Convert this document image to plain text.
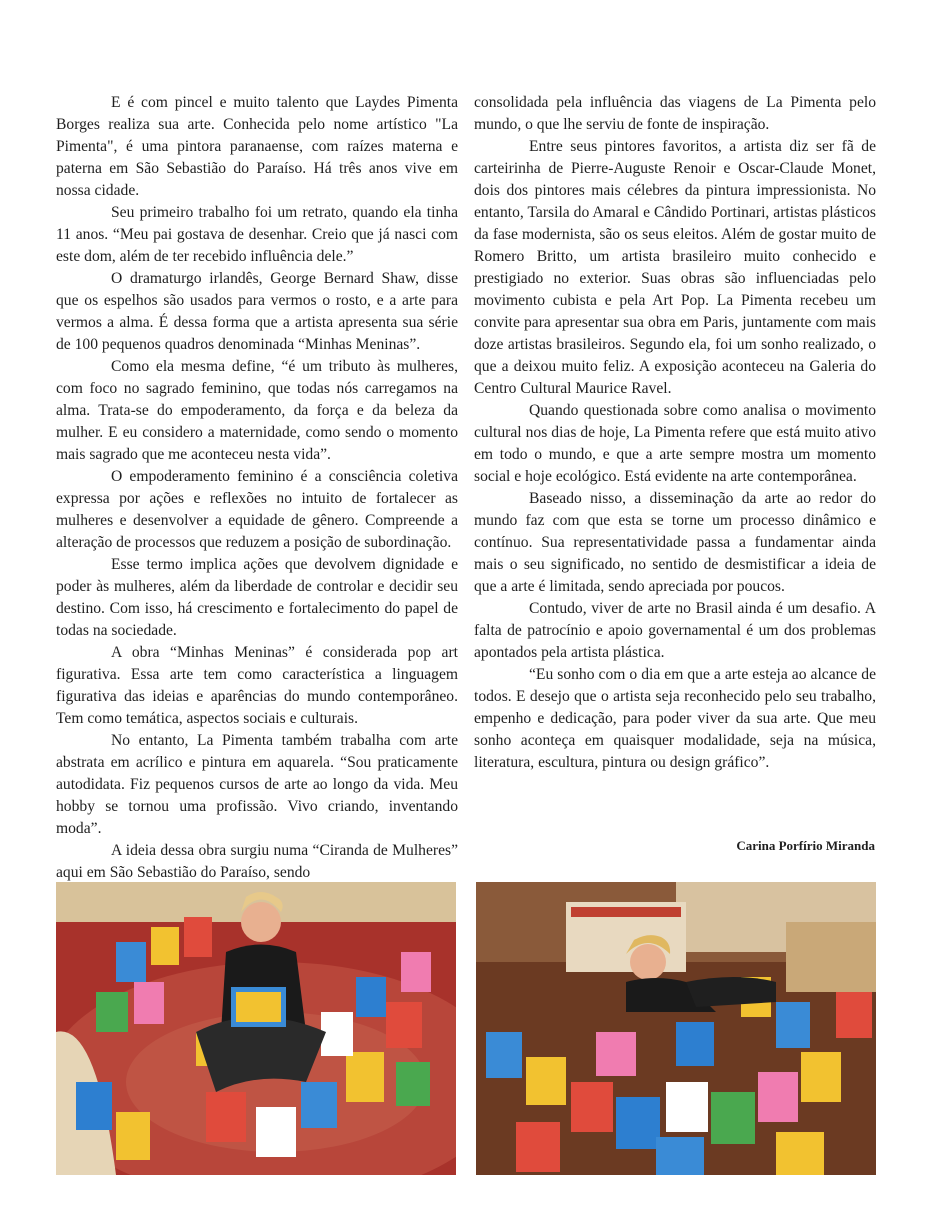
E é com pincel e muito talento que Laydes Pimenta Borges realiza sua arte. Conhecida pelo nome artístico "La Pimenta", é uma pintora paranaense, com raízes materna e paterna em São Sebastião do Paraíso. Há três anos vive em nossa cidade.

Seu primeiro trabalho foi um retrato, quando ela tinha 11 anos. “Meu pai gostava de desenhar. Creio que já nasci com este dom, além de ter recebido influência dele.”

O dramaturgo irlandês, George Bernard Shaw, disse que os espelhos são usados para vermos o rosto, e a arte para vermos a alma. É dessa forma que a artista apresenta sua série de 100 pequenos quadros denominada “Minhas Meninas”.

Como ela mesma define, “é um tributo às mulheres, com foco no sagrado feminino, que todas nós carregamos na alma. Trata-se do empoderamento, da força e da beleza da mulher. E eu considero a maternidade, como sendo o momento mais sagrado que me aconteceu nesta vida”.

O empoderamento feminino é a consciência coletiva expressa por ações e reflexões no intuito de fortalecer as mulheres e desenvolver a equidade de gênero. Compreende a alteração de processos que reduzem a posição de subordinação.

Esse termo implica ações que devolvem dignidade e poder às mulheres, além da liberdade de controlar e decidir seu destino. Com isso, há crescimento e fortalecimento do papel de todas na sociedade.

A obra “Minhas Meninas” é considerada pop art figurativa. Essa arte tem como característica a linguagem figurativa das ideias e aparências do mundo contemporâneo. Tem como temática, aspectos sociais e culturais.

No entanto, La Pimenta também trabalha com arte abstrata em acrílico e pintura em aquarela. “Sou praticamente autodidata. Fiz pequenos cursos de arte ao longo da vida. Meu hobby se tornou uma profissão. Vivo criando, inventando moda”.

A ideia dessa obra surgiu numa “Ciranda de Mulheres” aqui em São Sebastião do Paraíso, sendo

consolidada pela influência das viagens de La Pimenta pelo mundo, o que lhe serviu de fonte de inspiração.

Entre seus pintores favoritos, a artista diz ser fã de carteirinha de Pierre-Auguste Renoir e Oscar-Claude Monet, dois dos pintores mais célebres da pintura impressionista. No entanto, Tarsila do Amaral e Cândido Portinari, artistas plásticos da fase modernista, são os seus eleitos. Além de gostar muito de Romero Britto, um artista brasileiro muito conhecido e prestigiado no exterior. Suas obras são influenciadas pelo movimento cubista e pela Art Pop. La Pimenta recebeu um convite para apresentar sua obra em Paris, juntamente com mais doze artistas brasileiros. Segundo ela, foi um sonho realizado, o que a deixou muito feliz. A exposição aconteceu na Galeria do Centro Cultural Maurice Ravel.

Quando questionada sobre como analisa o movimento cultural nos dias de hoje, La Pimenta refere que está muito ativo em todo o mundo, e que a arte sempre mostra um momento social e hoje ecológico. Está evidente na arte contemporânea.

Baseado nisso, a disseminação da arte ao redor do mundo faz com que esta se torne um processo dinâmico e contínuo. Sua representatividade passa a fundamentar ainda mais o seu significado, no sentido de desmistificar a ideia de que a arte é limitada, sendo apreciada por poucos.

Contudo, viver de arte no Brasil ainda é um desafio. A falta de patrocínio e apoio governamental é um dos problemas apontados pela artista plástica.

“Eu sonho com o dia em que a arte esteja ao alcance de todos. E desejo que o artista seja reconhecido pelo seu trabalho, empenho e dedicação, para poder viver da sua arte. Que meu sonho aconteça em quaisquer modalidade, seja na música, literatura, escultura, pintura ou design gráfico”.

Carina Porfírio Miranda
